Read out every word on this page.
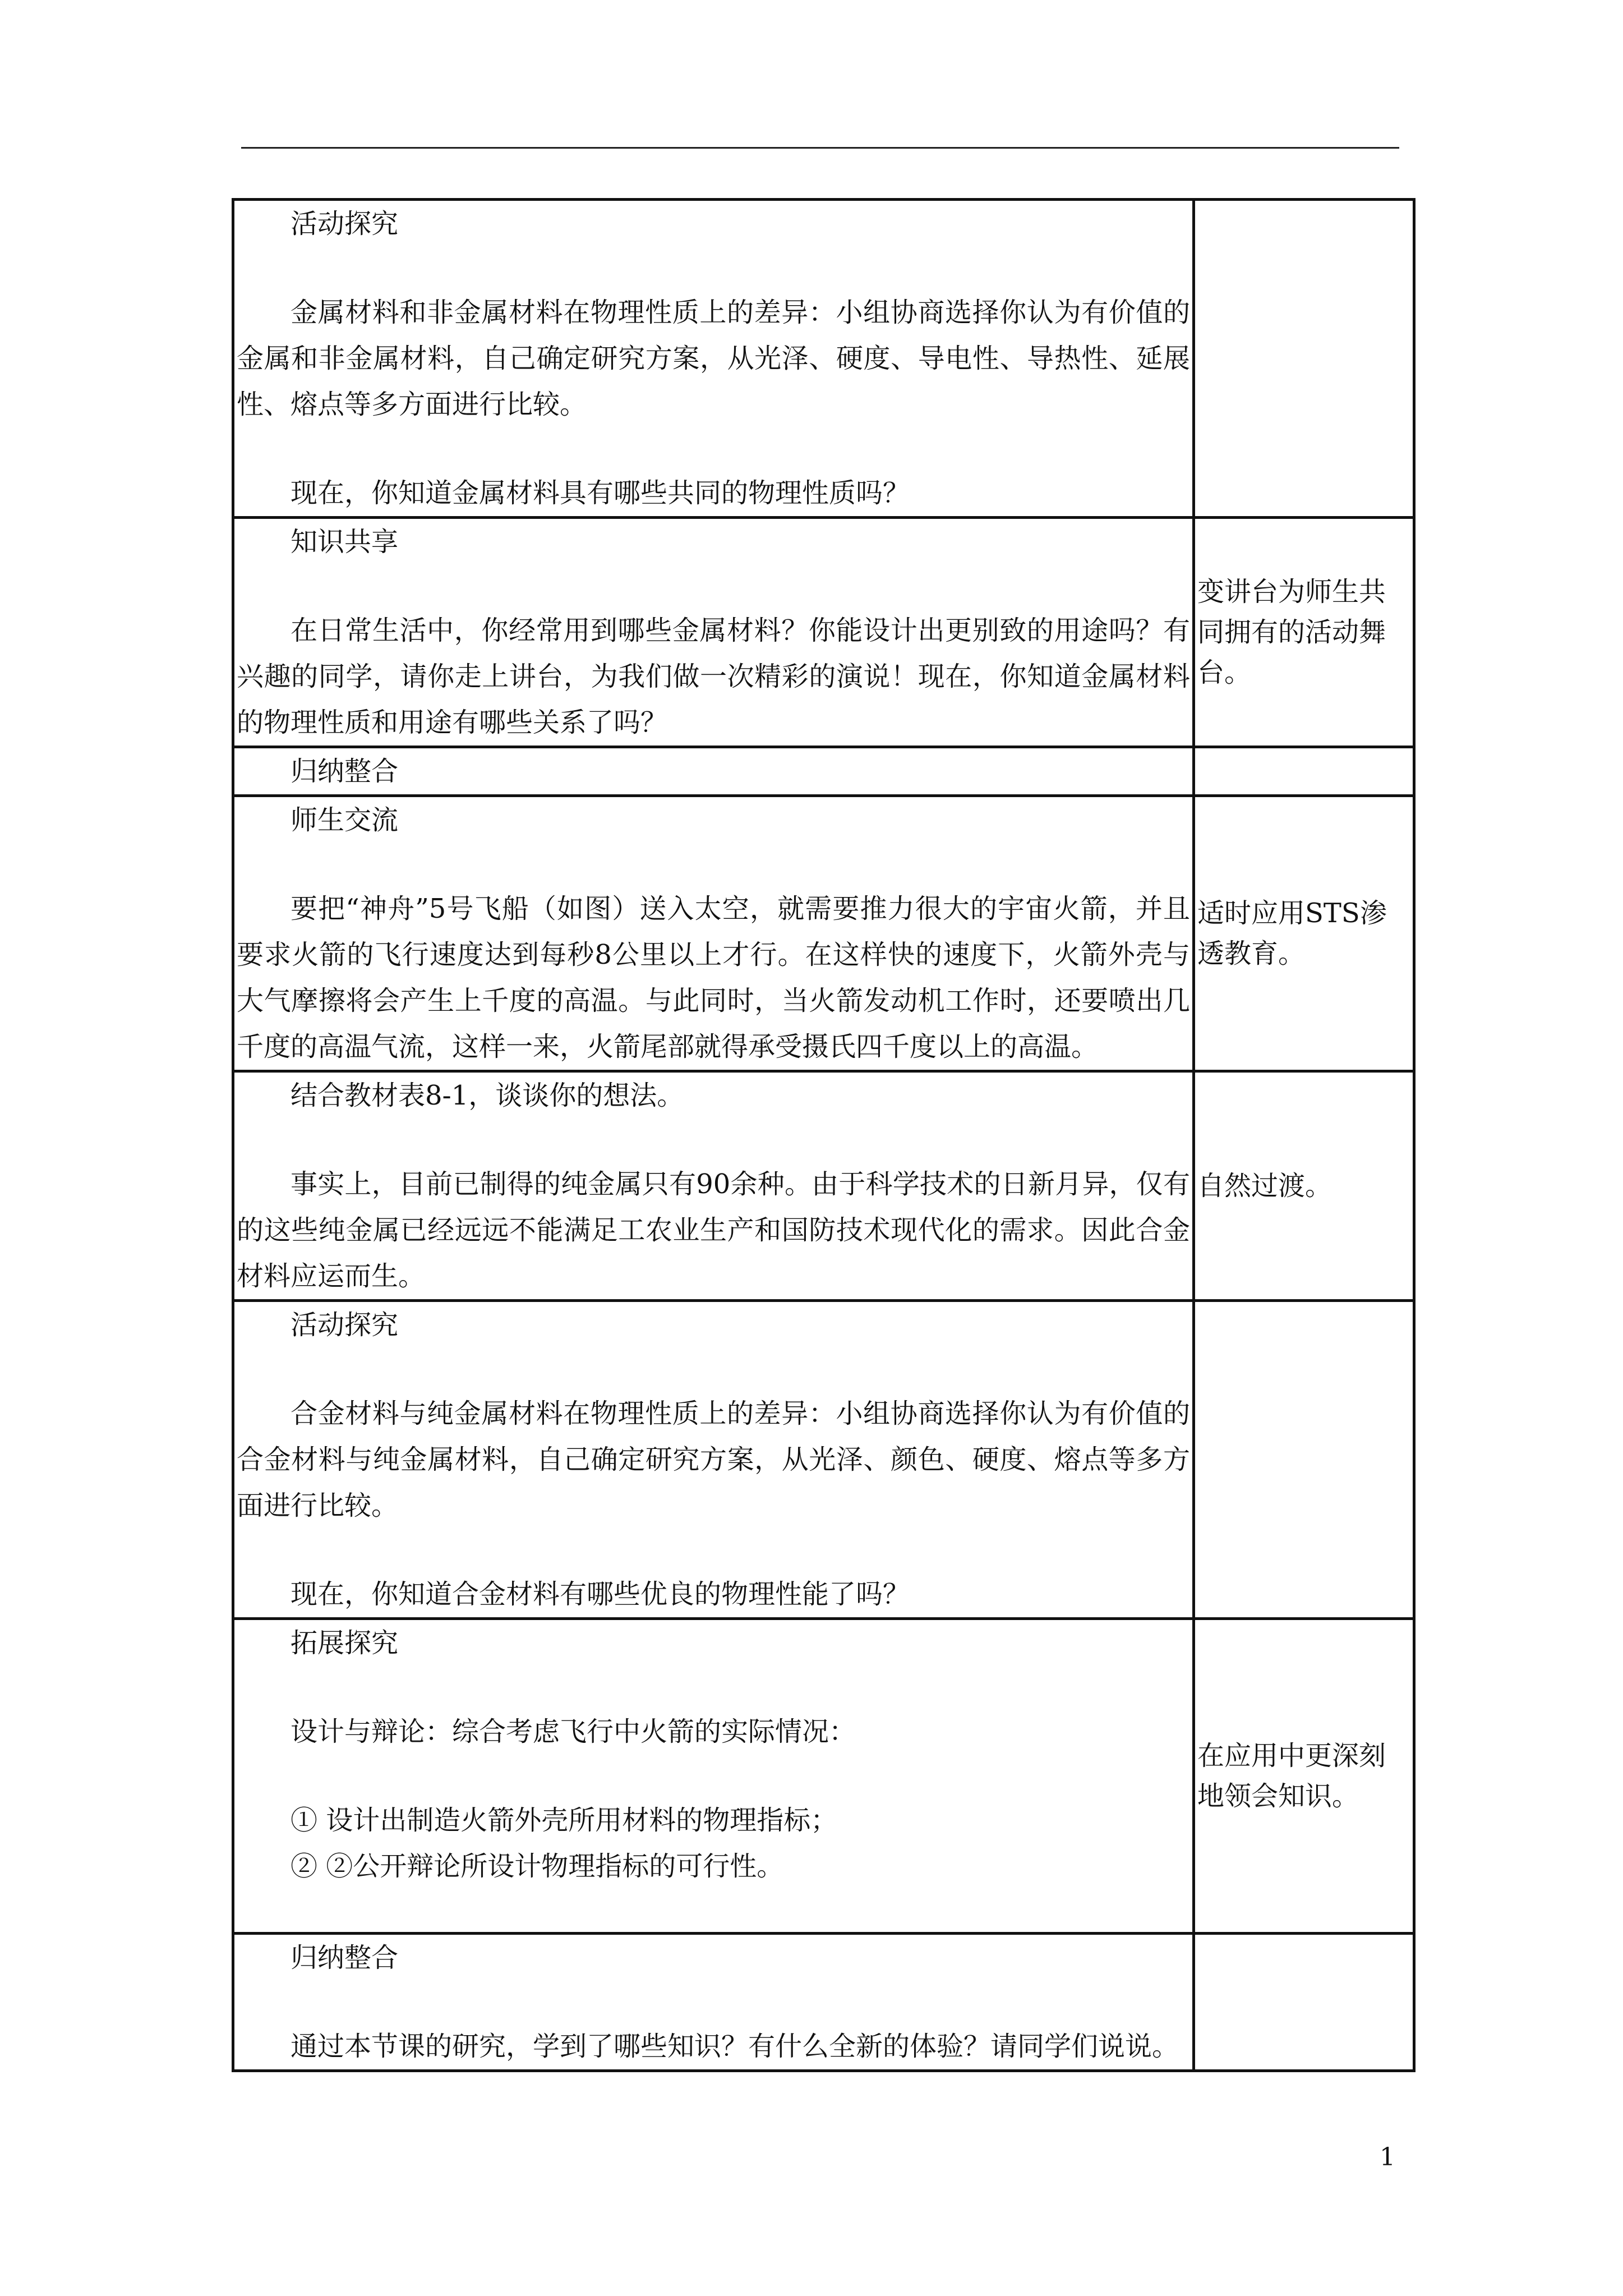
活动探究
金属材料和非金属材料在物理性质上的差异：小组协商选择你认为有价值的金属和非金属材料，自己确定研究方案，从光泽、硬度、导电性、导热性、延展性、熔点等多方面进行比较。
现在，你知道金属材料具有哪些共同的物理性质吗？	

知识共享
在日常生活中，你经常用到哪些金属材料？你能设计出更别致的用途吗？有兴趣的同学，请你走上讲台，为我们做一次精彩的演说！现在，你知道金属材料的物理性质和用途有哪些关系了吗？	变讲台为师生共同拥有的活动舞台。

归纳整合	

师生交流
要把“神舟”5号飞船（如图）送入太空，就需要推力很大的宇宙火箭，并且要求火箭的飞行速度达到每秒8公里以上才行。在这样快的速度下，火箭外壳与大气摩擦将会产生上千度的高温。与此同时，当火箭发动机工作时，还要喷出几千度的高温气流，这样一来，火箭尾部就得承受摄氏四千度以上的高温。	适时应用STS渗透教育。

结合教材表8-1，谈谈你的想法。
事实上，目前已制得的纯金属只有90余种。由于科学技术的日新月异，仅有的这些纯金属已经远远不能满足工农业生产和国防技术现代化的需求。因此合金材料应运而生。	自然过渡。

活动探究
合金材料与纯金属材料在物理性质上的差异：小组协商选择你认为有价值的合金材料与纯金属材料，自己确定研究方案，从光泽、颜色、硬度、熔点等多方面进行比较。
现在，你知道合金材料有哪些优良的物理性能了吗？	

拓展探究
设计与辩论：综合考虑飞行中火箭的实际情况：
① 设计出制造火箭外壳所用材料的物理指标；
② ②公开辩论所设计物理指标的可行性。	在应用中更深刻地领会知识。

归纳整合
通过本节课的研究，学到了哪些知识？有什么全新的体验？请同学们说说。	

1
